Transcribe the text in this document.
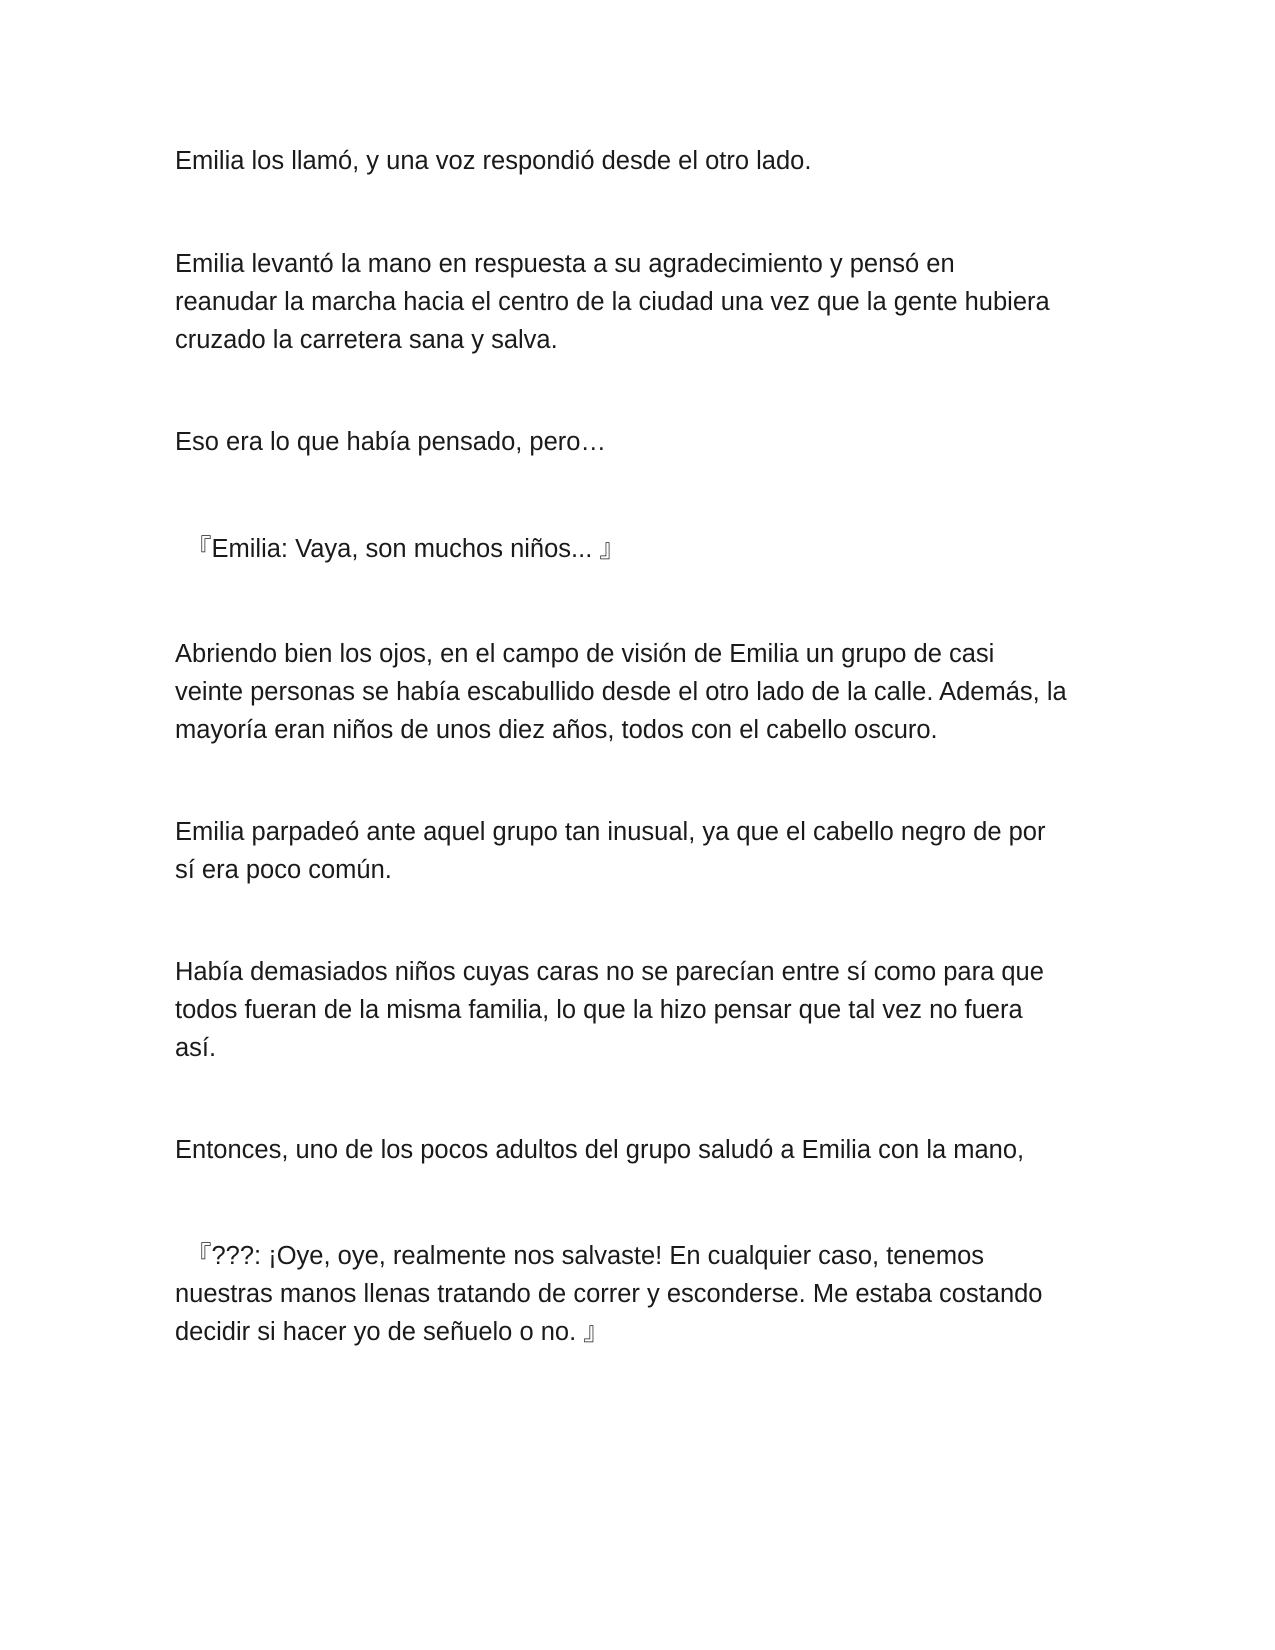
Emilia los llamó, y una voz respondió desde el otro lado.

Emilia levantó la mano en respuesta a su agradecimiento y pensó en
reanudar la marcha hacia el centro de la ciudad una vez que la gente hubiera
cruzado la carretera sana y salva.

Eso era lo que había pensado, pero…

『Emilia: Vaya, son muchos niños... 』

Abriendo bien los ojos, en el campo de visión de Emilia un grupo de casi
veinte personas se había escabullido desde el otro lado de la calle. Además, la
mayoría eran niños de unos diez años, todos con el cabello oscuro.

Emilia parpadeó ante aquel grupo tan inusual, ya que el cabello negro de por
sí era poco común.

Había demasiados niños cuyas caras no se parecían entre sí como para que
todos fueran de la misma familia, lo que la hizo pensar que tal vez no fuera
así.

Entonces, uno de los pocos adultos del grupo saludó a Emilia con la mano,

『???: ¡Oye, oye, realmente nos salvaste! En cualquier caso, tenemos
nuestras manos llenas tratando de correr y esconderse. Me estaba costando
decidir si hacer yo de señuelo o no. 』
